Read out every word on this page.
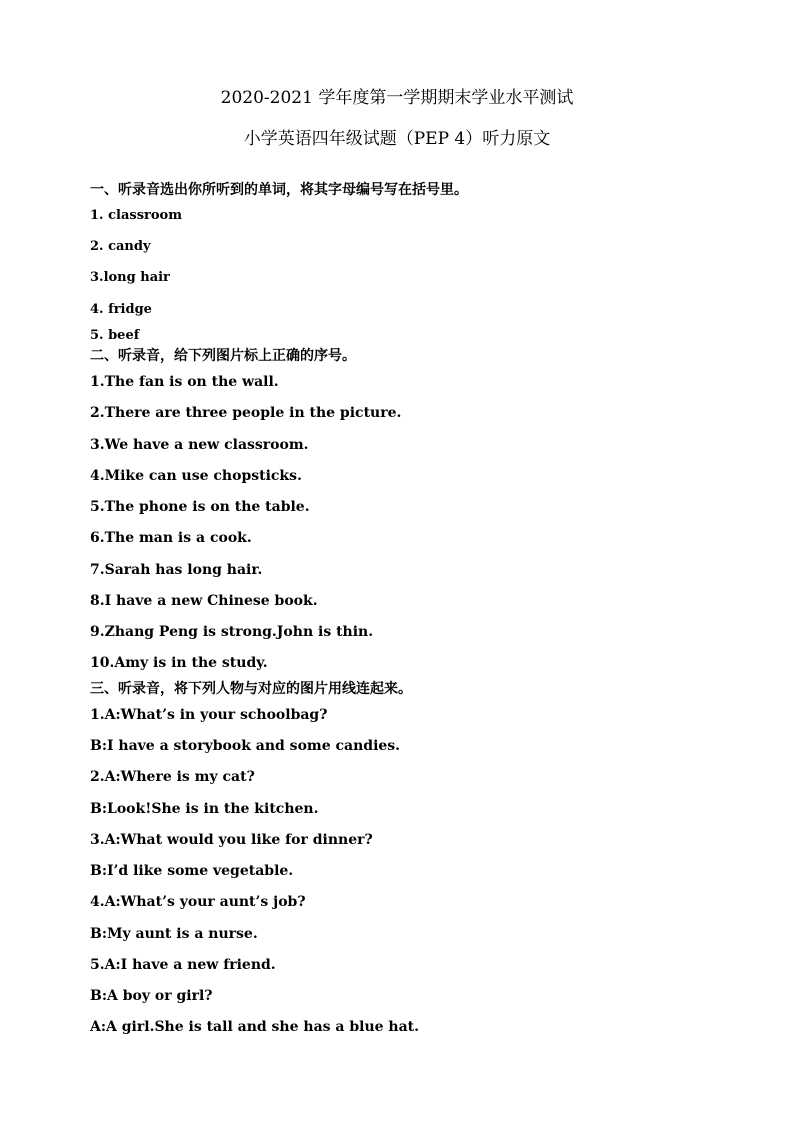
2020-2021 学年度第一学期期末学业水平测试
小学英语四年级试题（PEP 4）听力原文
一、听录音选出你所听到的单词，将其字母编号写在括号里。
1. classroom
2. candy
3.long hair
4. fridge
5. beef
二、听录音，给下列图片标上正确的序号。
1.The fan is on the wall.
2.There are three people in the picture.
3.We have a new classroom.
4.Mike can use chopsticks.
5.The phone is on the table.
6.The man is a cook.
7.Sarah has long hair.
8.I have a new Chinese book.
9.Zhang Peng is strong.John is thin.
10.Amy is in the study.
三、听录音，将下列人物与对应的图片用线连起来。
1.A:What’s in your schoolbag?
B:I have a storybook and some candies.
2.A:Where is my cat?
B:Look!She is in the kitchen.
3.A:What would you like for dinner?
B:I’d like some vegetable.
4.A:What’s your aunt’s job?
B:My aunt is a nurse.
5.A:I have a new friend.
B:A boy or girl?
A:A girl.She is tall and she has a blue hat.
